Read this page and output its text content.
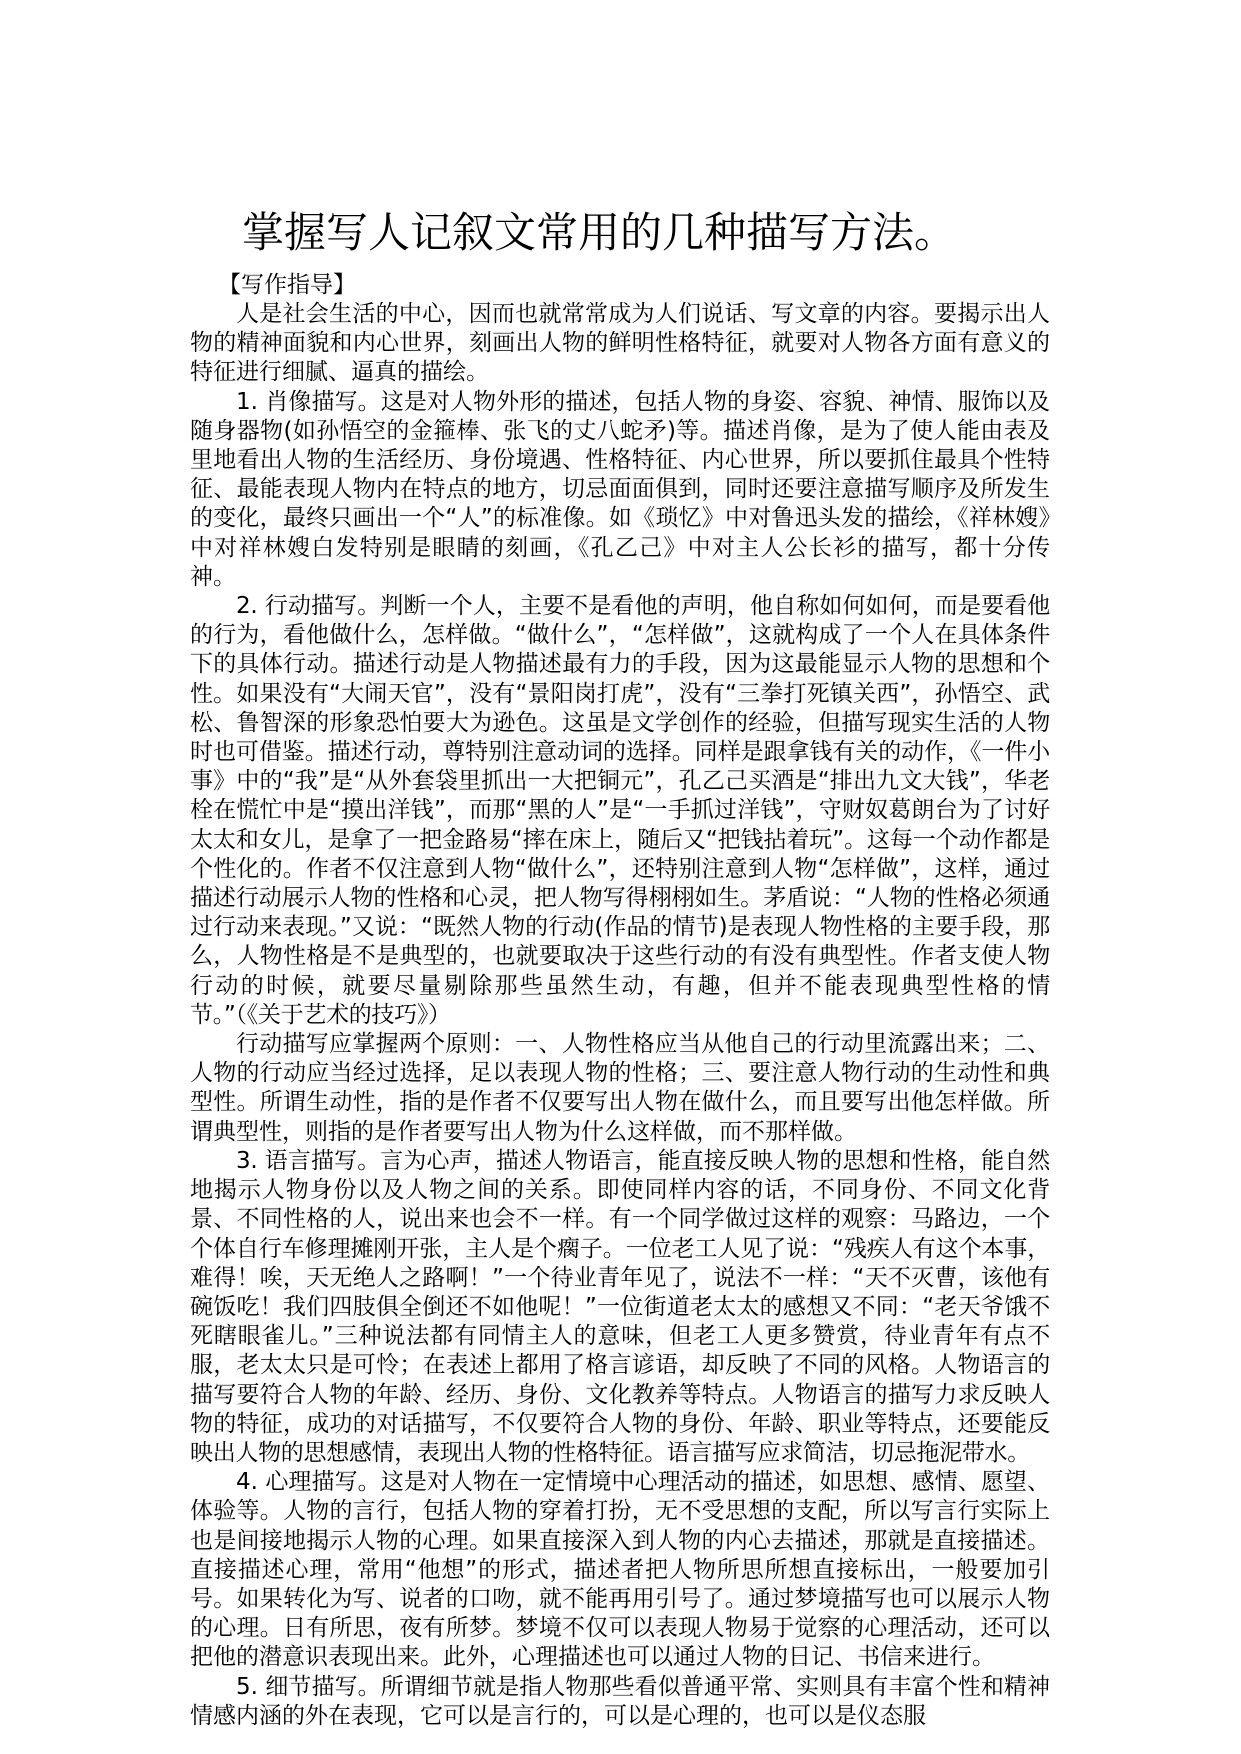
掌握写人记叙文常用的几种描写方法。

【写作指导】

人是社会生活的中心，因而也就常常成为人们说话、写文章的内容。要揭示出人物的精神面貌和内心世界，刻画出人物的鲜明性格特征，就要对人物各方面有意义的特征进行细腻、逼真的描绘。

1. 肖像描写。这是对人物外形的描述，包括人物的身姿、容貌、神情、服饰以及随身器物(如孙悟空的金箍棒、张飞的丈八蛇矛)等。描述肖像，是为了使人能由表及里地看出人物的生活经历、身份境遇、性格特征、内心世界，所以要抓住最具个性特征、最能表现人物内在特点的地方，切忌面面俱到，同时还要注意描写顺序及所发生的变化，最终只画出一个“人”的标准像。如《琐忆》中对鲁迅头发的描绘，《祥林嫂》中对祥林嫂白发特别是眼睛的刻画，《孔乙己》中对主人公长衫的描写，都十分传神。

2. 行动描写。判断一个人，主要不是看他的声明，他自称如何如何，而是要看他的行为，看他做什么，怎样做。“做什么”，“怎样做”，这就构成了一个人在具体条件下的具体行动。描述行动是人物描述最有力的手段，因为这最能显示人物的思想和个性。如果没有“大闹天官”，没有“景阳岗打虎”，没有“三拳打死镇关西”，孙悟空、武松、鲁智深的形象恐怕要大为逊色。这虽是文学创作的经验，但描写现实生活的人物时也可借鉴。描述行动，尊特别注意动词的选择。同样是跟拿钱有关的动作，《一件小事》中的“我”是“从外套袋里抓出一大把铜元”，孔乙己买酒是“排出九文大钱”，华老栓在慌忙中是“摸出洋钱”，而那“黑的人”是“一手抓过洋钱”，守财奴葛朗台为了讨好太太和女儿，是拿了一把金路易“摔在床上，随后又“把钱拈着玩”。这每一个动作都是个性化的。作者不仅注意到人物“做什么”，还特别注意到人物“怎样做”，这样，通过描述行动展示人物的性格和心灵，把人物写得栩栩如生。茅盾说：“人物的性格必须通过行动来表现。”又说：“既然人物的行动(作品的情节)是表现人物性格的主要手段，那么，人物性格是不是典型的，也就要取决于这些行动的有没有典型性。作者支使人物行动的时候，就要尽量剔除那些虽然生动，有趣，但并不能表现典型性格的情节。”（《关于艺术的技巧》）

行动描写应掌握两个原则：一、人物性格应当从他自己的行动里流露出来；二、人物的行动应当经过选择，足以表现人物的性格；三、要注意人物行动的生动性和典型性。所谓生动性，指的是作者不仅要写出人物在做什么，而且要写出他怎样做。所谓典型性，则指的是作者要写出人物为什么这样做，而不那样做。

3. 语言描写。言为心声，描述人物语言，能直接反映人物的思想和性格，能自然地揭示人物身份以及人物之间的关系。即使同样内容的话，不同身份、不同文化背景、不同性格的人，说出来也会不一样。有一个同学做过这样的观察：马路边，一个个体自行车修理摊刚开张，主人是个瘸子。一位老工人见了说：“残疾人有这个本事，难得！唉，天无绝人之路啊！”一个待业青年见了，说法不一样：“天不灭曹，该他有碗饭吃！我们四肢俱全倒还不如他呢！”一位街道老太太的感想又不同：“老天爷饿不死瞎眼雀儿。”三种说法都有同情主人的意味，但老工人更多赞赏，待业青年有点不服，老太太只是可怜；在表述上都用了格言谚语，却反映了不同的风格。人物语言的描写要符合人物的年龄、经历、身份、文化教养等特点。人物语言的描写力求反映人物的特征，成功的对话描写，不仅要符合人物的身份、年龄、职业等特点，还要能反映出人物的思想感情，表现出人物的性格特征。语言描写应求简洁，切忌拖泥带水。

4. 心理描写。这是对人物在一定情境中心理活动的描述，如思想、感情、愿望、体验等。人物的言行，包括人物的穿着打扮，无不受思想的支配，所以写言行实际上也是间接地揭示人物的心理。如果直接深入到人物的内心去描述，那就是直接描述。直接描述心理，常用“他想”的形式，描述者把人物所思所想直接标出，一般要加引号。如果转化为写、说者的口吻，就不能再用引号了。通过梦境描写也可以展示人物的心理。日有所思，夜有所梦。梦境不仅可以表现人物易于觉察的心理活动，还可以把他的潜意识表现出来。此外，心理描述也可以通过人物的日记、书信来进行。

5. 细节描写。所谓细节就是指人物那些看似普通平常、实则具有丰富个性和精神情感内涵的外在表现，它可以是言行的，可以是心理的，也可以是仪态服
